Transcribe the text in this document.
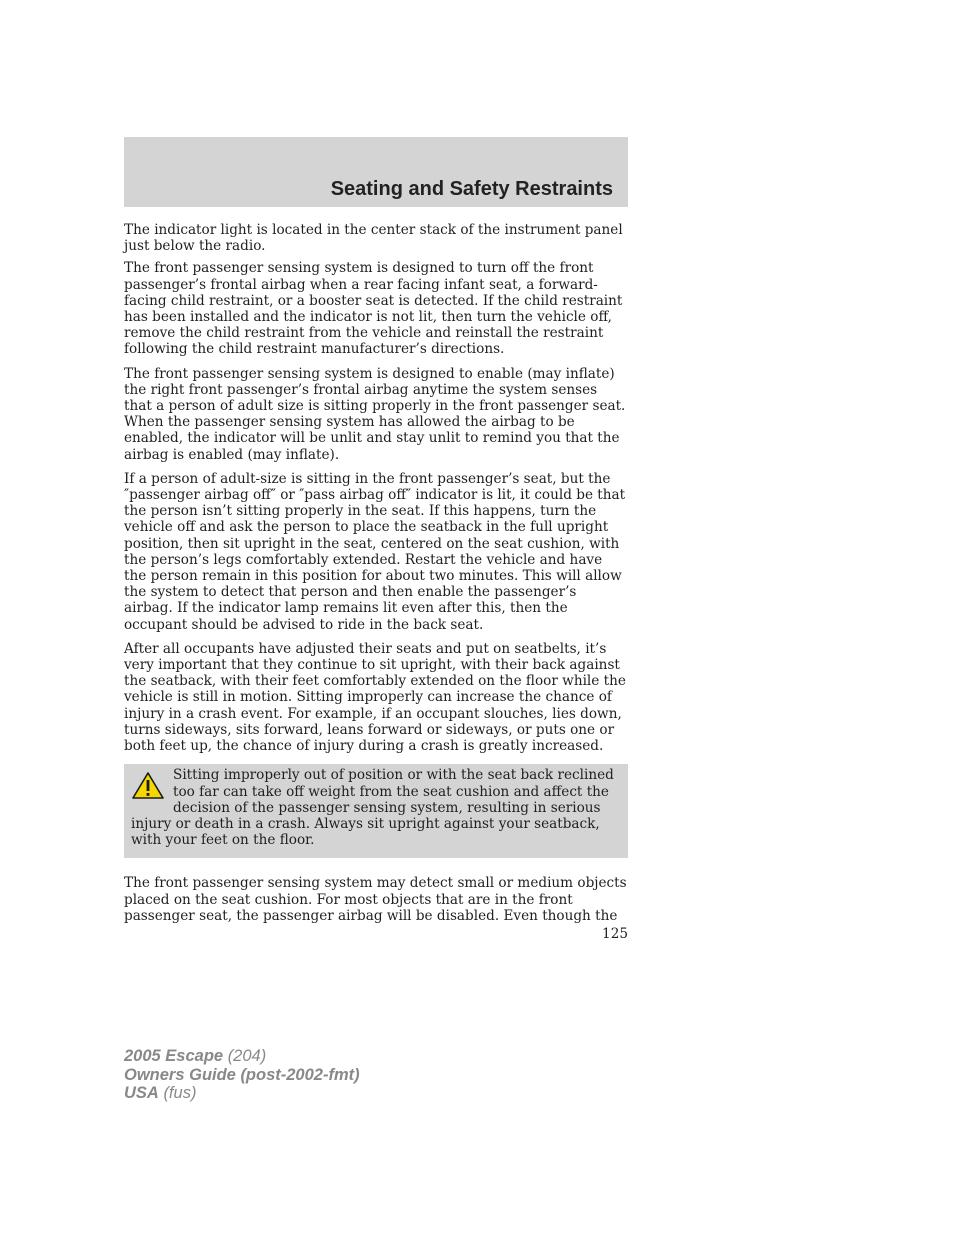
Seating and Safety Restraints

The indicator light is located in the center stack of the instrument panel just below the radio.

The front passenger sensing system is designed to turn off the front passenger’s frontal airbag when a rear facing infant seat, a forward-facing child restraint, or a booster seat is detected. If the child restraint has been installed and the indicator is not lit, then turn the vehicle off, remove the child restraint from the vehicle and reinstall the restraint following the child restraint manufacturer’s directions.

The front passenger sensing system is designed to enable (may inflate) the right front passenger’s frontal airbag anytime the system senses that a person of adult size is sitting properly in the front passenger seat. When the passenger sensing system has allowed the airbag to be enabled, the indicator will be unlit and stay unlit to remind you that the airbag is enabled (may inflate).

If a person of adult-size is sitting in the front passenger’s seat, but the ″passenger airbag off″ or ″pass airbag off″ indicator is lit, it could be that the person isn’t sitting properly in the seat. If this happens, turn the vehicle off and ask the person to place the seatback in the full upright position, then sit upright in the seat, centered on the seat cushion, with the person’s legs comfortably extended. Restart the vehicle and have the person remain in this position for about two minutes. This will allow the system to detect that person and then enable the passenger’s airbag. If the indicator lamp remains lit even after this, then the occupant should be advised to ride in the back seat.

After all occupants have adjusted their seats and put on seatbelts, it’s very important that they continue to sit upright, with their back against the seatback, with their feet comfortably extended on the floor while the vehicle is still in motion. Sitting improperly can increase the chance of injury in a crash event. For example, if an occupant slouches, lies down, turns sideways, sits forward, leans forward or sideways, or puts one or both feet up, the chance of injury during a crash is greatly increased.

Sitting improperly out of position or with the seat back reclined too far can take off weight from the seat cushion and affect the decision of the passenger sensing system, resulting in serious injury or death in a crash. Always sit upright against your seatback, with your feet on the floor.

The front passenger sensing system may detect small or medium objects placed on the seat cushion. For most objects that are in the front passenger seat, the passenger airbag will be disabled. Even though the

125
2005 Escape (204)
Owners Guide (post-2002-fmt)
USA (fus)
